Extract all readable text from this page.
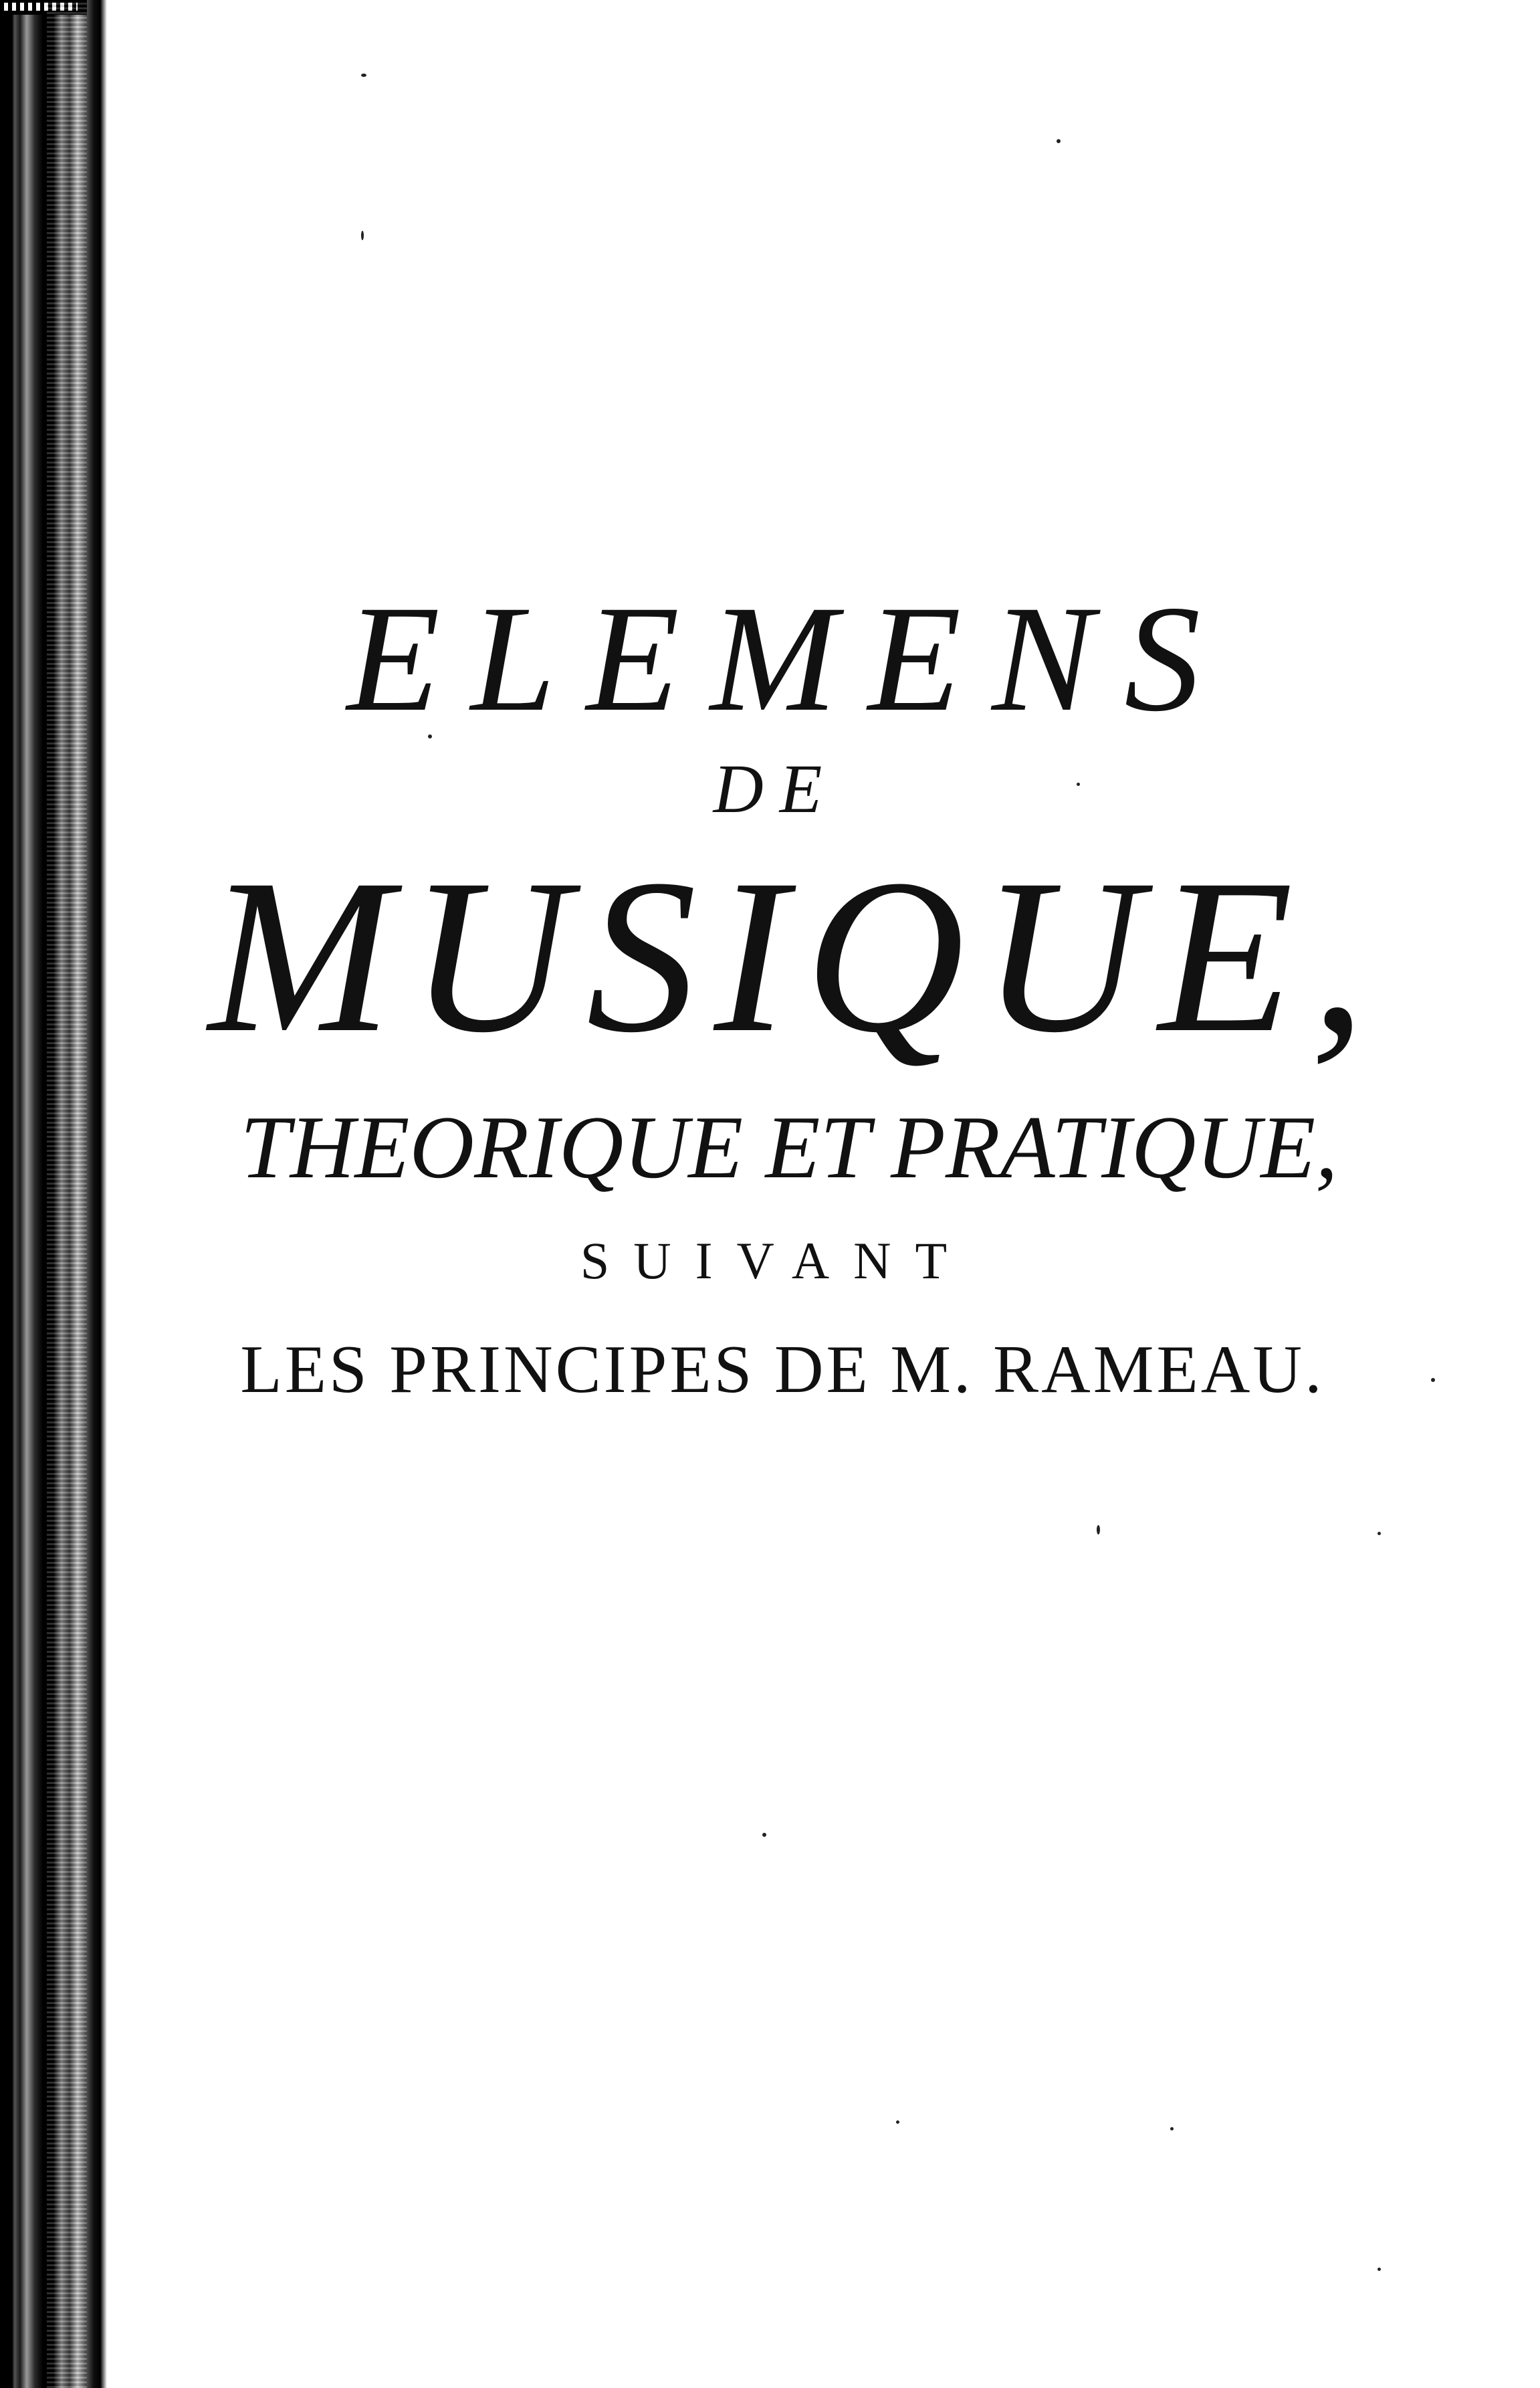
ELEMENS

DE

MUSIQUE,

THEORIQUE ET PRATIQUE,

SUIVANT

LES PRINCIPES DE M. RAMEAU.
